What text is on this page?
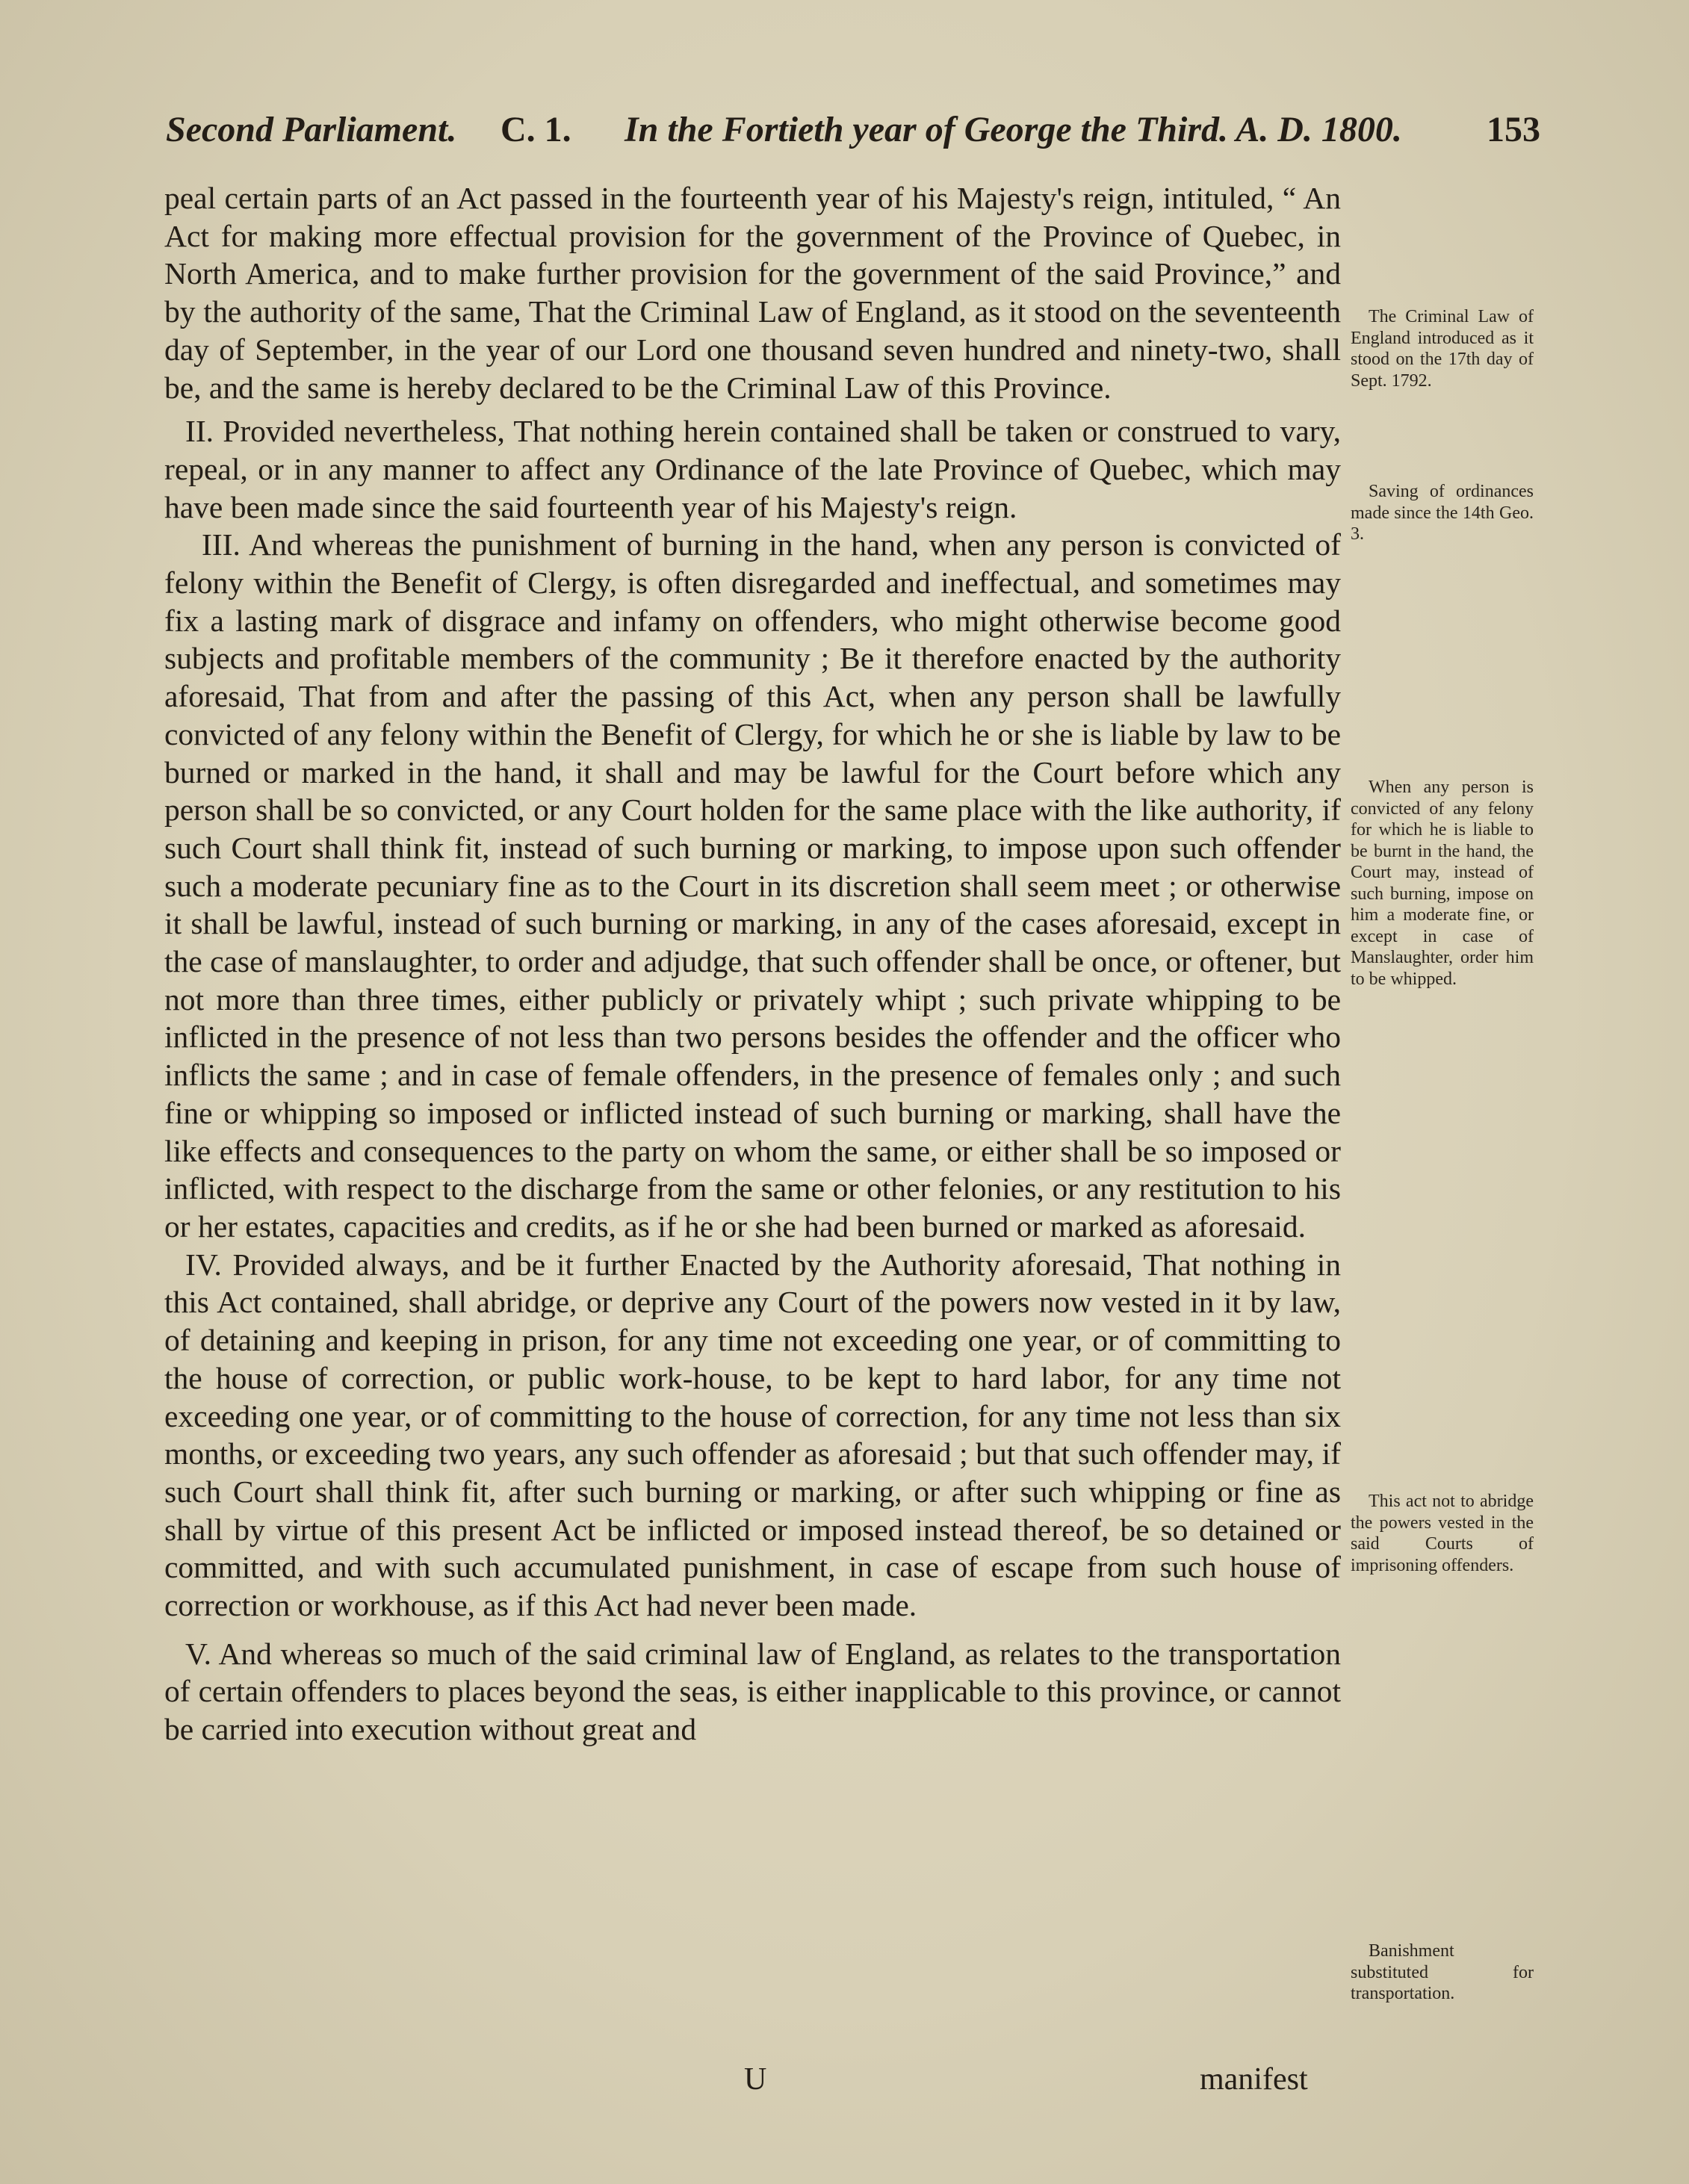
Second Parliament. C. 1. In the Fortieth year of George the Third. A. D. 1800. 153

peal certain parts of an Act passed in the fourteenth year of his Majesty's reign, intituled, “ An Act for making more effectual provision for the government of the Province of Quebec, in North America, and to make further provision for the government of the said Province,” and by the authority of the same, That the Criminal Law of England, as it stood on the seventeenth day of September, in the year of our Lord one thousand seven hundred and ninety-two, shall be, and the same is hereby declared to be the Criminal Law of this Province.

II. Provided nevertheless, That nothing herein contained shall be taken or construed to vary, repeal, or in any manner to affect any Ordinance of the late Province of Quebec, which may have been made since the said fourteenth year of his Majesty's reign.

III. And whereas the punishment of burning in the hand, when any person is convicted of felony within the Benefit of Clergy, is often disregarded and ineffectual, and sometimes may fix a lasting mark of disgrace and infamy on offenders, who might otherwise become good subjects and profitable members of the community ; Be it therefore enacted by the authority aforesaid, That from and after the passing of this Act, when any person shall be lawfully convicted of any felony within the Benefit of Clergy, for which he or she is liable by law to be burned or marked in the hand, it shall and may be lawful for the Court before which any person shall be so convicted, or any Court holden for the same place with the like authority, if such Court shall think fit, instead of such burning or marking, to impose upon such offender such a moderate pecuniary fine as to the Court in its discretion shall seem meet ; or otherwise it shall be lawful, instead of such burning or marking, in any of the cases aforesaid, except in the case of manslaughter, to order and adjudge, that such offender shall be once, or oftener, but not more than three times, either publicly or privately whipt ; such private whipping to be inflicted in the presence of not less than two persons besides the offender and the officer who inflicts the same ; and in case of female offenders, in the presence of females only ; and such fine or whipping so imposed or inflicted instead of such burning or marking, shall have the like effects and consequences to the party on whom the same, or either shall be so imposed or inflicted, with respect to the discharge from the same or other felonies, or any restitution to his or her estates, capacities and credits, as if he or she had been burned or marked as aforesaid.

IV. Provided always, and be it further Enacted by the Authority aforesaid, That nothing in this Act contained, shall abridge, or deprive any Court of the powers now vested in it by law, of detaining and keeping in prison, for any time not exceeding one year, or of committing to the house of correction, or public work-house, to be kept to hard labor, for any time not exceeding one year, or of committing to the house of correction, for any time not less than six months, or exceeding two years, any such offender as aforesaid ; but that such offender may, if such Court shall think fit, after such burning or marking, or after such whipping or fine as shall by virtue of this present Act be inflicted or imposed instead thereof, be so detained or committed, and with such accumulated punishment, in case of escape from such house of correction or workhouse, as if this Act had never been made.

V. And whereas so much of the said criminal law of England, as relates to the transportation of certain offenders to places beyond the seas, is either inapplicable to this province, or cannot be carried into execution without great and

The Criminal Law of England introduced as it stood on the 17th day of Sept. 1792.
Saving of ordinances made since the 14th Geo. 3.
When any person is convicted of any felony for which he is liable to be burnt in the hand, the Court may, instead of such burning, impose on him a moderate fine, or except in case of Manslaughter, order him to be whipped.
This act not to abridge the powers vested in the said Courts of imprisoning offenders.
Banishment substituted for transportation.
U	manifest
